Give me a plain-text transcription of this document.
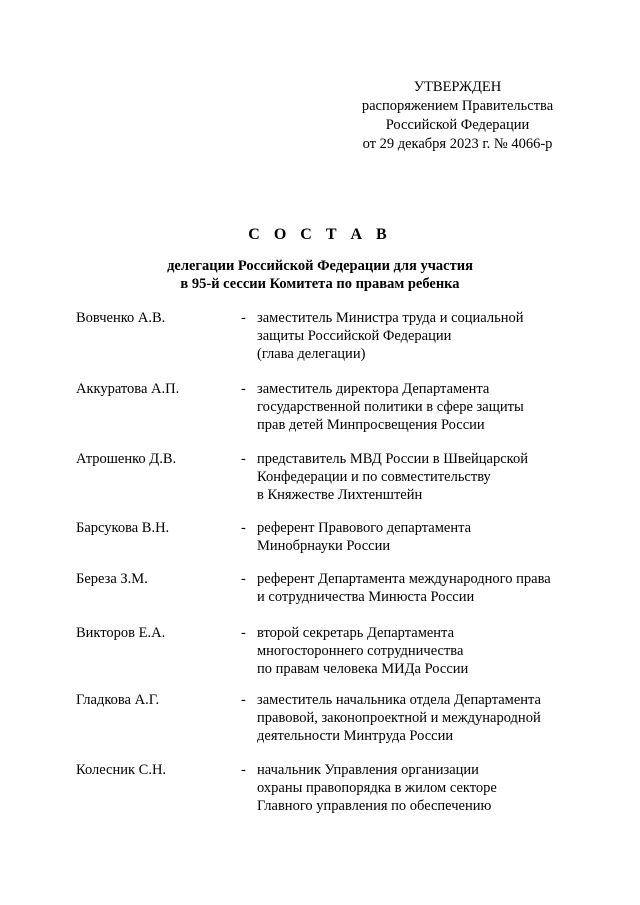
УТВЕРЖДЕН
распоряжением Правительства
Российской Федерации
от 29 декабря 2023 г. № 4066-р
С О С Т А В
делегации Российской Федерации для участия
в 95-й сессии Комитета по правам ребенка
Вовченко А.В.	- заместитель Министра труда и социальной
защиты Российской Федерации
(глава делегации)
Аккуратова А.П.	- заместитель директора Департамента
государственной политики в сфере защиты
прав детей Минпросвещения России
Атрошенко Д.В.	- представитель МВД России в Швейцарской
Конфедерации и по совместительству
в Княжестве Лихтенштейн
Барсукова В.Н.	- референт Правового департамента
Минобрнауки России
Береза З.М.	- референт Департамента международного права
и сотрудничества Минюста России
Викторов Е.А.	- второй секретарь Департамента
многостороннего сотрудничества
по правам человека МИДа России
Гладкова А.Г.	- заместитель начальника отдела Департамента
правовой, законопроектной и международной
деятельности Минтруда России
Колесник С.Н.	- начальник Управления организации
охраны правопорядка в жилом секторе
Главного управления по обеспечению
